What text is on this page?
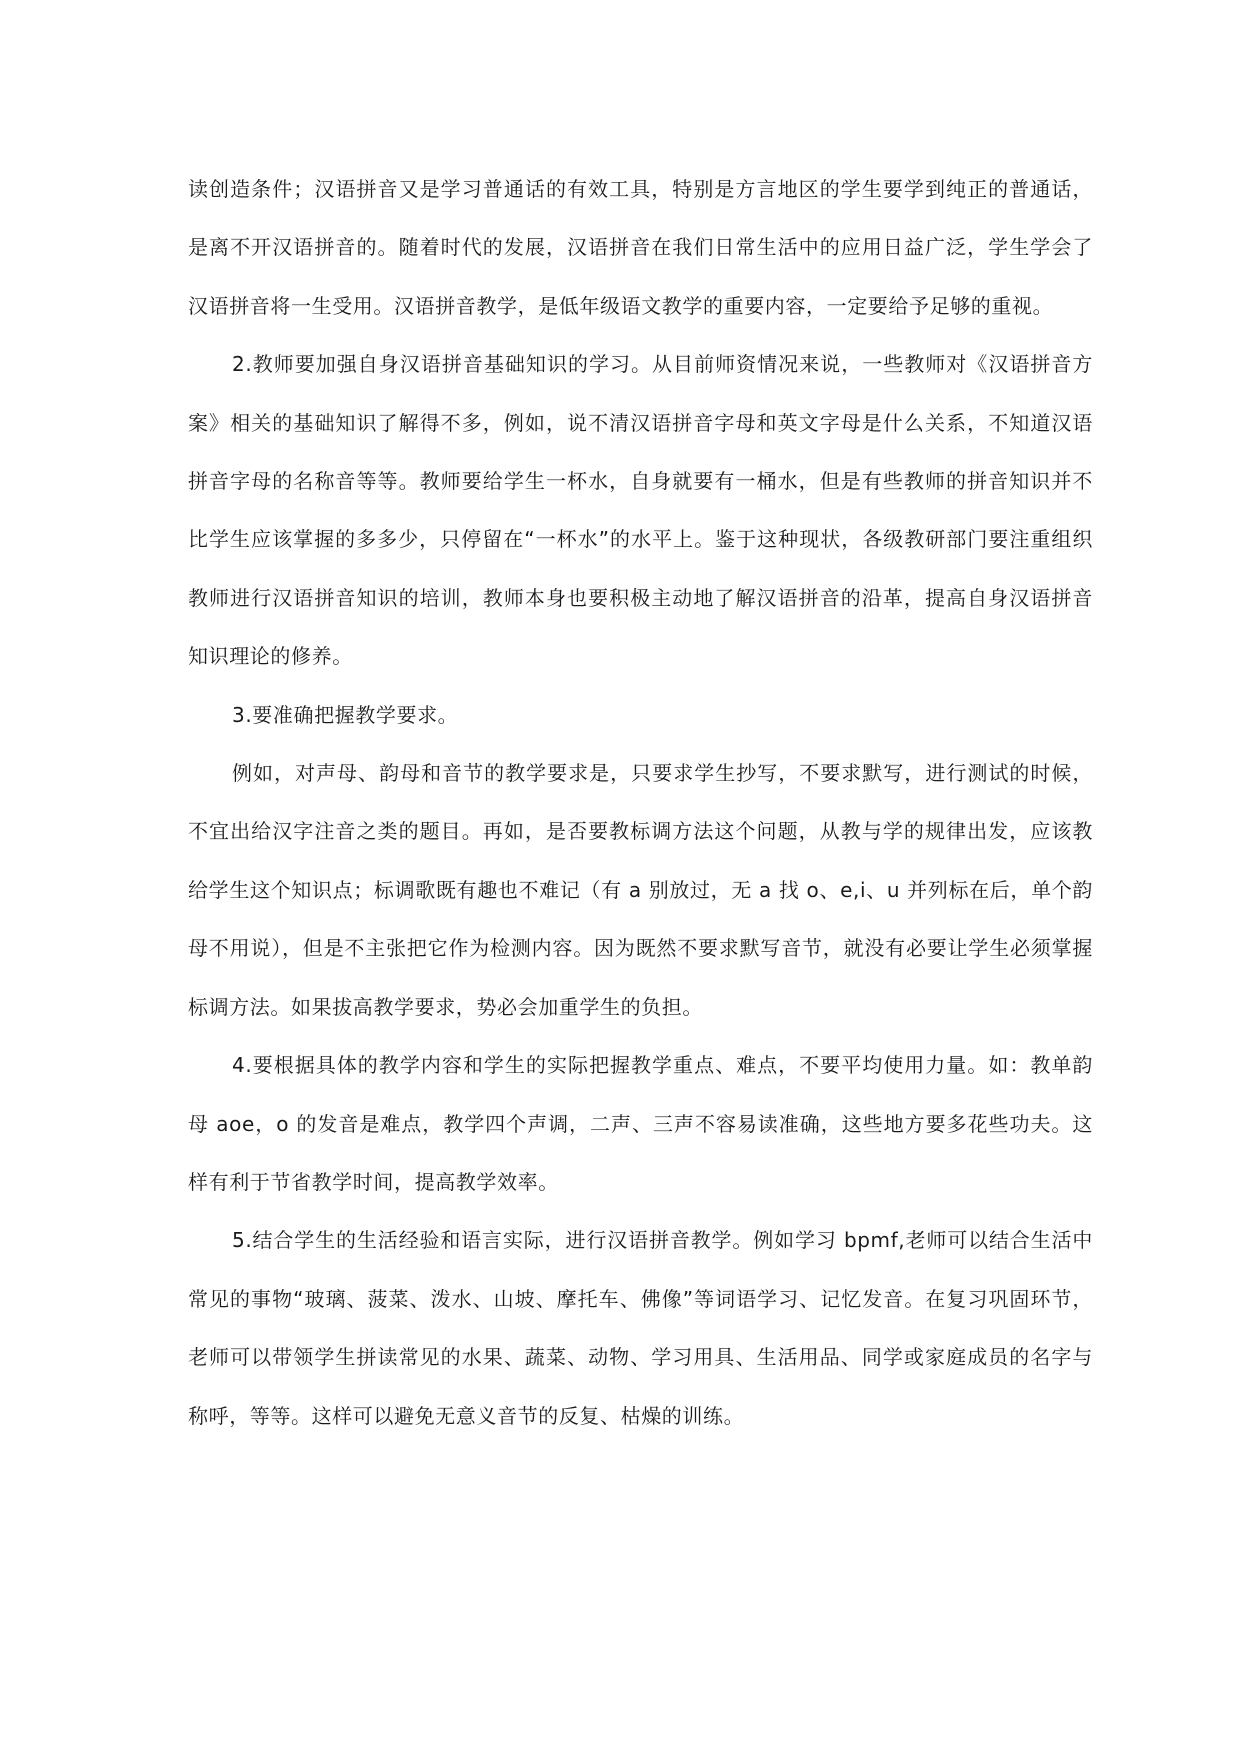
读创造条件；汉语拼音又是学习普通话的有效工具，特别是方言地区的学生要学到纯正的普通话，是离不开汉语拼音的。随着时代的发展，汉语拼音在我们日常生活中的应用日益广泛，学生学会了汉语拼音将一生受用。汉语拼音教学，是低年级语文教学的重要内容，一定要给予足够的重视。

2.教师要加强自身汉语拼音基础知识的学习。从目前师资情况来说，一些教师对《汉语拼音方案》相关的基础知识了解得不多，例如，说不清汉语拼音字母和英文字母是什么关系，不知道汉语拼音字母的名称音等等。教师要给学生一杯水，自身就要有一桶水，但是有些教师的拼音知识并不比学生应该掌握的多多少，只停留在“一杯水”的水平上。鉴于这种现状，各级教研部门要注重组织教师进行汉语拼音知识的培训，教师本身也要积极主动地了解汉语拼音的沿革，提高自身汉语拼音知识理论的修养。

3.要准确把握教学要求。

例如，对声母、韵母和音节的教学要求是，只要求学生抄写，不要求默写，进行测试的时候，不宜出给汉字注音之类的题目。再如，是否要教标调方法这个问题，从教与学的规律出发，应该教给学生这个知识点；标调歌既有趣也不难记（有 a 别放过，无 a 找 o、e,i、u 并列标在后，单个韵母不用说），但是不主张把它作为检测内容。因为既然不要求默写音节，就没有必要让学生必须掌握标调方法。如果拔高教学要求，势必会加重学生的负担。

4.要根据具体的教学内容和学生的实际把握教学重点、难点，不要平均使用力量。如：教单韵母 aoe，o 的发音是难点，教学四个声调，二声、三声不容易读准确，这些地方要多花些功夫。这样有利于节省教学时间，提高教学效率。

5.结合学生的生活经验和语言实际，进行汉语拼音教学。例如学习 bpmf,老师可以结合生活中常见的事物“玻璃、菠菜、泼水、山坡、摩托车、佛像”等词语学习、记忆发音。在复习巩固环节，老师可以带领学生拼读常见的水果、蔬菜、动物、学习用具、生活用品、同学或家庭成员的名字与称呼，等等。这样可以避免无意义音节的反复、枯燥的训练。
